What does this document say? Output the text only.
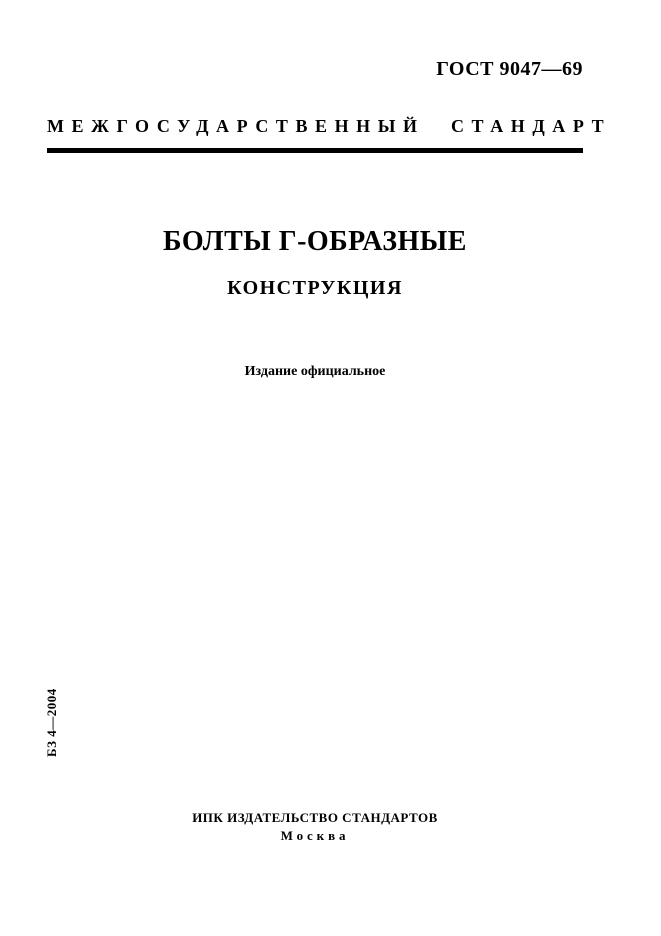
ГОСТ 9047—69
МЕЖГОСУДАРСТВЕННЫЙ СТАНДАРТ
БОЛТЫ Г-ОБРАЗНЫЕ
КОНСТРУКЦИЯ
Издание официальное
БЗ 4—2004
ИПК ИЗДАТЕЛЬСТВО СТАНДАРТОВ
Москва
